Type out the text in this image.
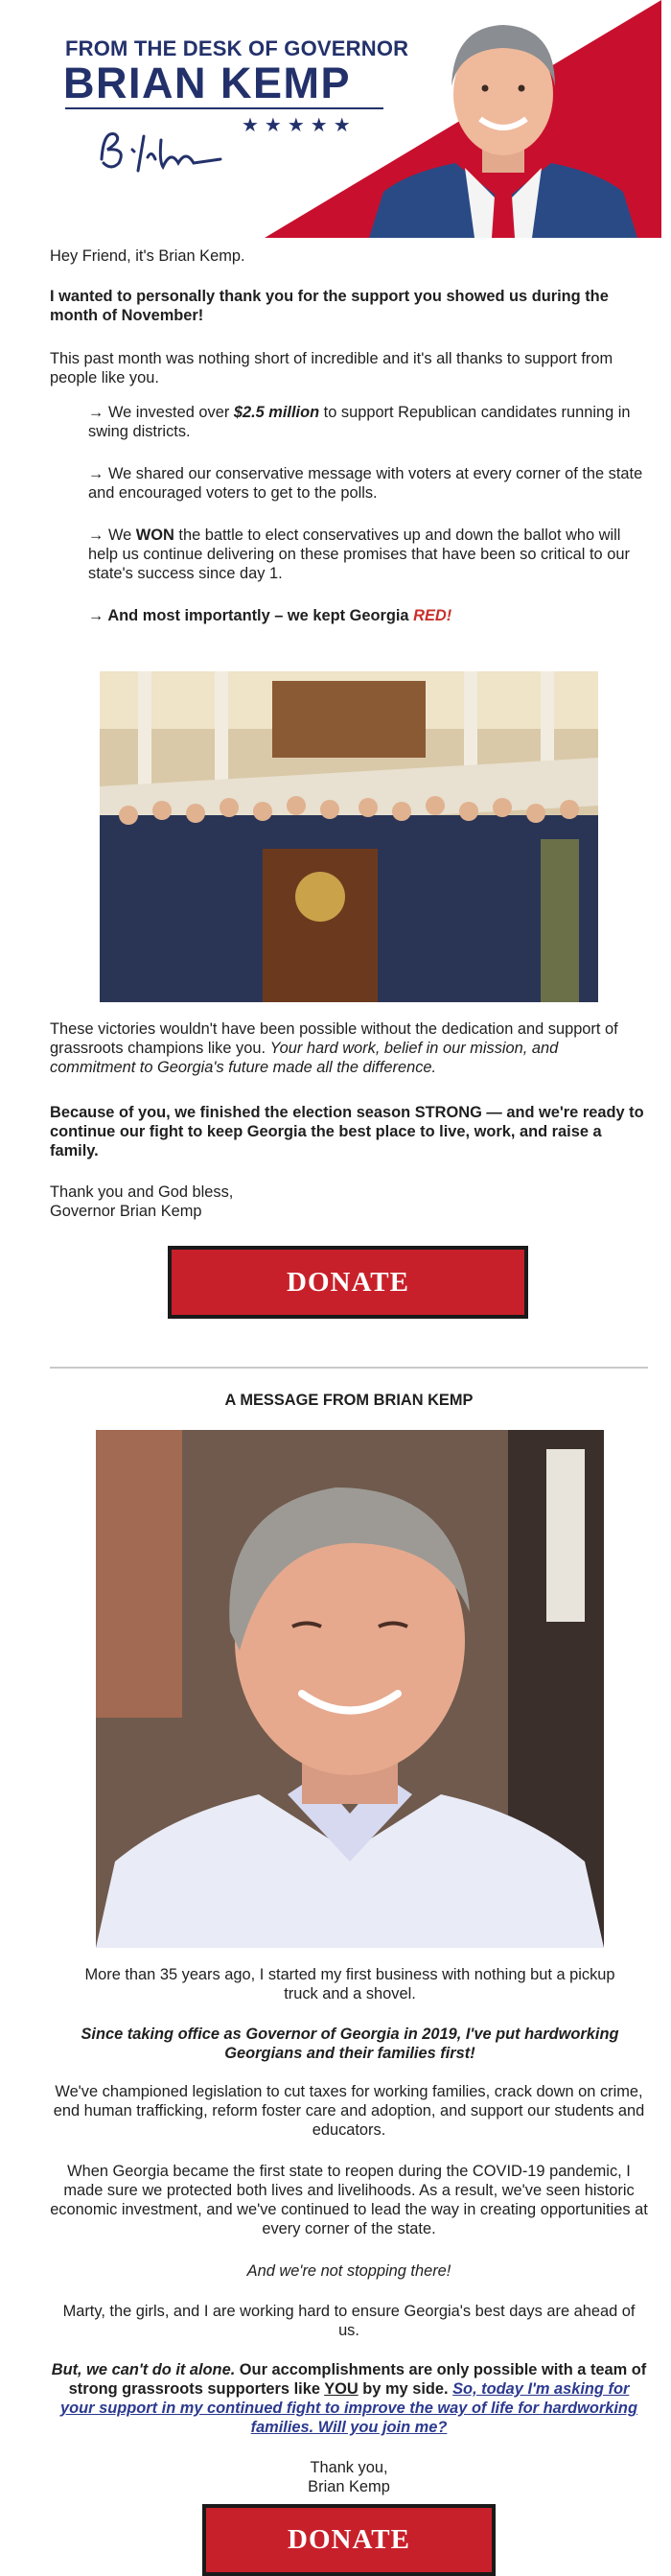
FROM THE DESK OF GOVERNOR
BRIAN KEMP
★★★★★
Hey Friend, it's Brian Kemp.
I wanted to personally thank you for the support you showed us during the month of November!
This past month was nothing short of incredible and it's all thanks to support from people like you.
→ We invested over $2.5 million to support Republican candidates running in swing districts.
→ We shared our conservative message with voters at every corner of the state and encouraged voters to get to the polls.
→ We WON the battle to elect conservatives up and down the ballot who will help us continue delivering on these promises that have been so critical to our state's success since day 1.
→ And most importantly – we kept Georgia RED!
These victories wouldn't have been possible without the dedication and support of grassroots champions like you. Your hard work, belief in our mission, and commitment to Georgia's future made all the difference.
Because of you, we finished the election season STRONG — and we're ready to continue our fight to keep Georgia the best place to live, work, and raise a family.
Thank you and God bless,
Governor Brian Kemp
DONATE
A MESSAGE FROM BRIAN KEMP
More than 35 years ago, I started my first business with nothing but a pickup truck and a shovel.
Since taking office as Governor of Georgia in 2019, I've put hardworking Georgians and their families first!
We've championed legislation to cut taxes for working families, crack down on crime, end human trafficking, reform foster care and adoption, and support our students and educators.
When Georgia became the first state to reopen during the COVID-19 pandemic, I made sure we protected both lives and livelihoods. As a result, we've seen historic economic investment, and we've continued to lead the way in creating opportunities at every corner of the state.
And we're not stopping there!
Marty, the girls, and I are working hard to ensure Georgia's best days are ahead of us.
But, we can't do it alone. Our accomplishments are only possible with a team of strong grassroots supporters like YOU by my side. So, today I'm asking for your support in my continued fight to improve the way of life for hardworking families. Will you join me?
Thank you,
Brian Kemp
DONATE
